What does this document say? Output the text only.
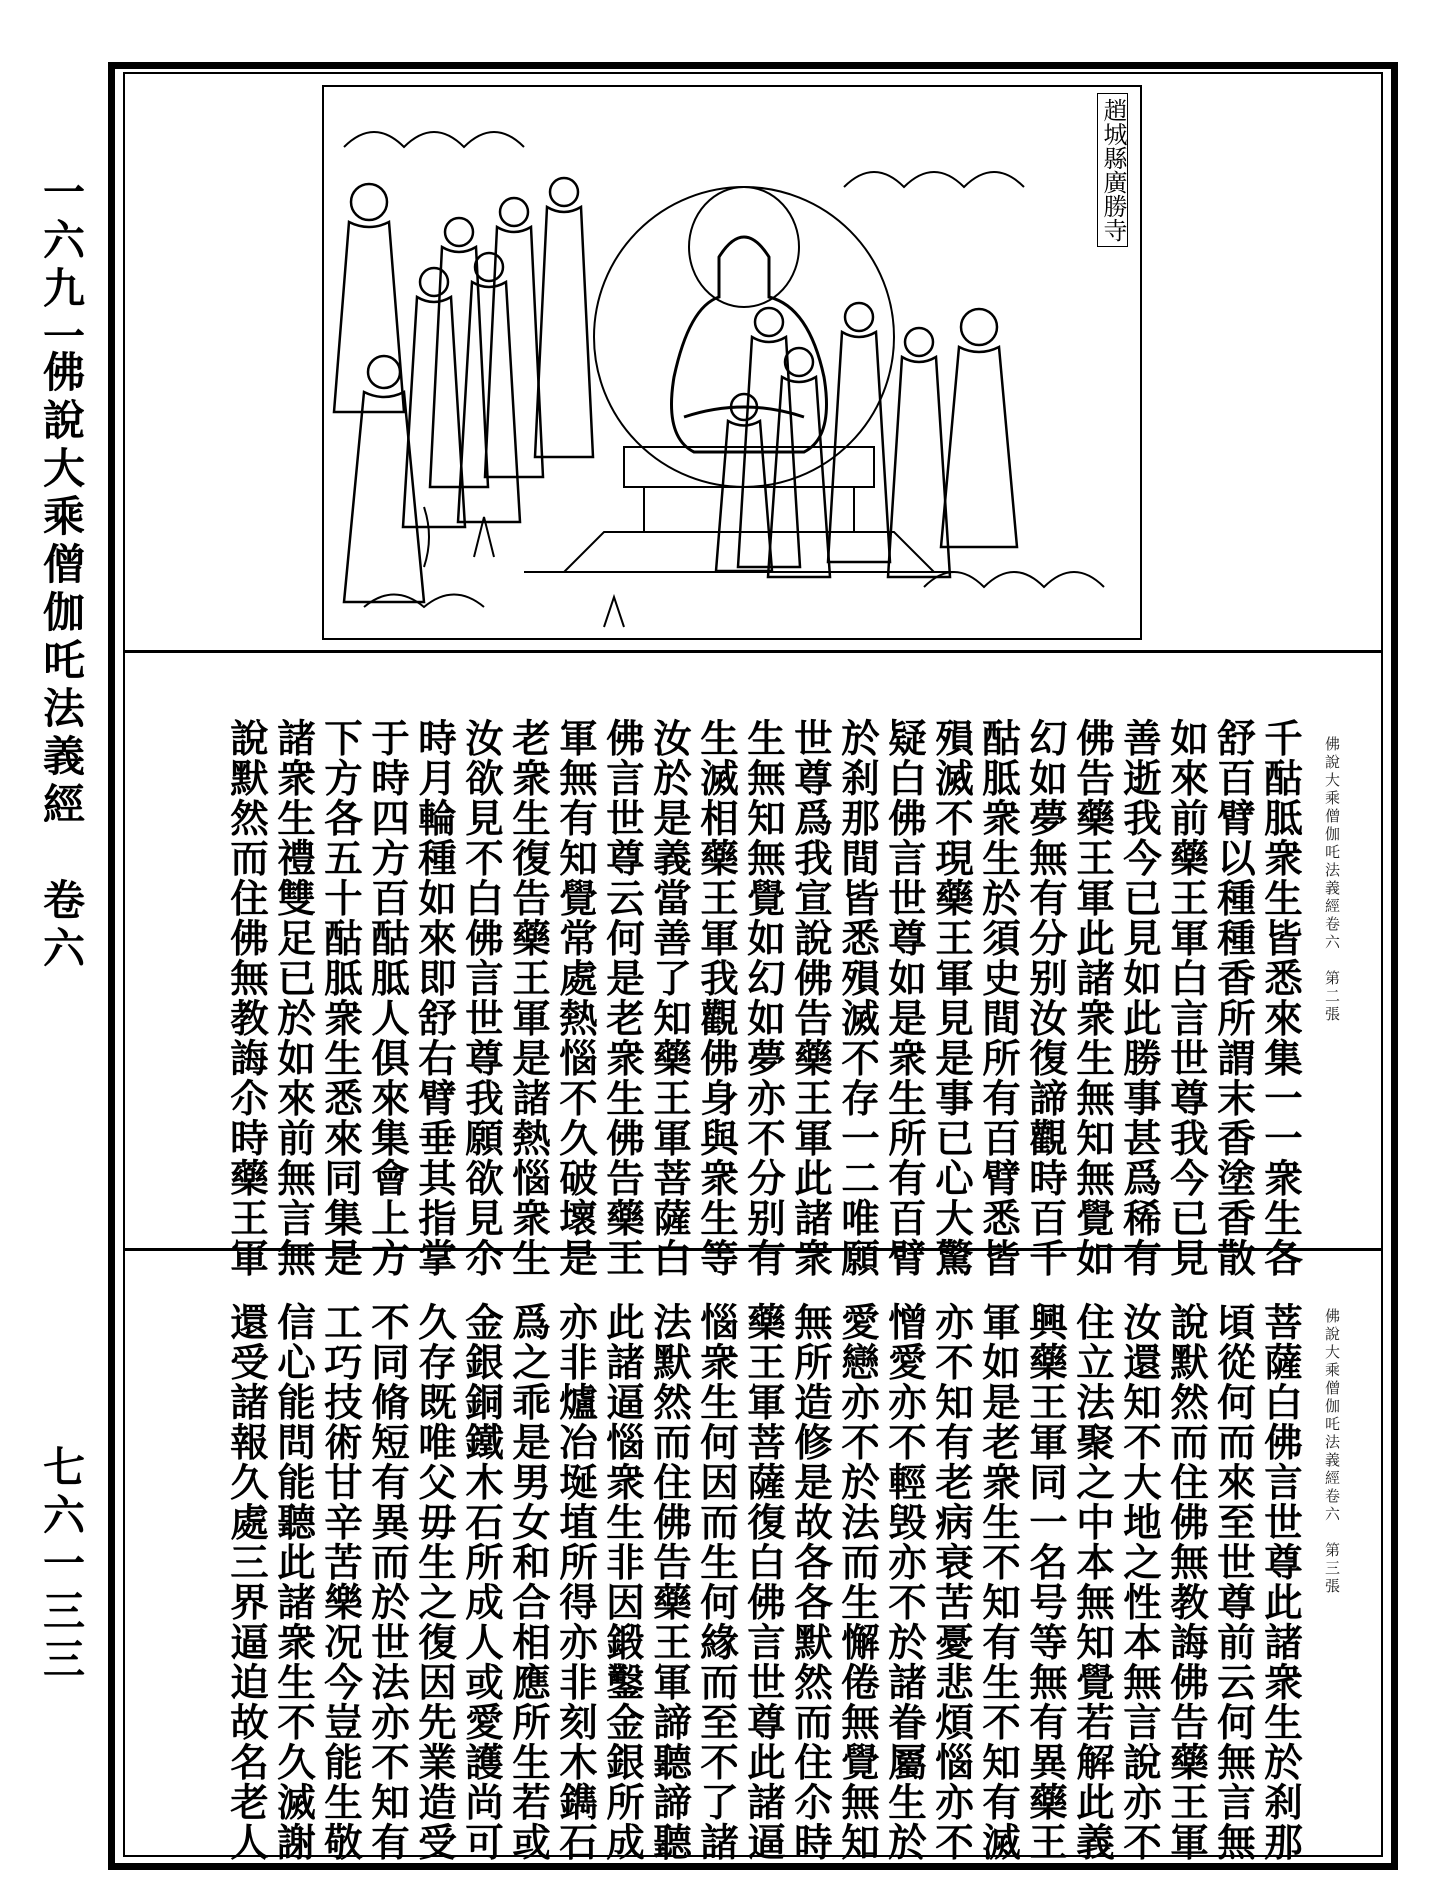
一六九一
佛說大乘僧伽吒法義經　卷六
七六一三三
趙城縣廣勝寺
千酤胝衆生皆悉來集一一衆生各
舒百臂以種種香所謂末香塗香散
如來前藥王軍白言世尊我今已見
善逝我今已見如此勝事甚爲稀有
佛告藥王軍此諸衆生無知無覺如
幻如夢無有分别汝復諦觀時百千
酤胝衆生於須史間所有百臂悉皆
殞滅不現藥王軍見是事已心大驚
疑白佛言世尊如是衆生所有百臂
於刹那間皆悉殞滅不存一二唯願
世尊爲我宣說佛告藥王軍此諸衆
生無知無覺如幻如夢亦不分别有
生滅相藥王軍我觀佛身與衆生等
汝於是義當善了知藥王軍菩薩白
佛言世尊云何是老衆生佛告藥王
軍無有知覺常處熱惱不久破壞是
老衆生復告藥王軍是諸熱惱衆生
汝欲見不白佛言世尊我願欲見尒
時月輪種如來即舒右臂垂其指掌
于時四方百酤胝人俱來集會上方
下方各五十酤胝衆生悉來同集是
諸衆生禮雙足已於如來前無言無
說默然而住佛無教誨尒時藥王軍	佛說大乘僧伽吒法義經卷六　第二張
菩薩白佛言世尊此諸衆生於刹那
頃從何而來至世尊前云何無言無
說默然而住佛無教誨佛告藥王軍
汝還知不大地之性本無言說亦不
住立法聚之中本無知覺若解此義
興藥王軍同一名号等無有異藥王
軍如是老衆生不知有生不知有滅
亦不知有老病衰苦憂悲煩惱亦不
憎愛亦不輕毁亦不於諸眷屬生於
愛戀亦不於法而生懈倦無覺無知
無所造修是故各各默然而住尒時
藥王軍菩薩復白佛言世尊此諸逼
惱衆生何因而生何緣而至不了諸
法默然而住佛告藥王軍諦聽諦聽
此諸逼惱衆生非因鍛鑿金銀所成
亦非爐冶埏埴所得亦非刻木鐫石
爲之乖是男女和合相應所生若或
金銀銅鐵木石所成人或愛護尚可
久存既唯父毋生之復因先業造受
不同脩短有異而於世法亦不知有
工巧技術甘辛苦樂况今豈能生敬
信心能問能聽此諸衆生不久滅謝
還受諸報久處三界逼迫故名老人	佛說大乘僧伽吒法義經卷六　第三張
